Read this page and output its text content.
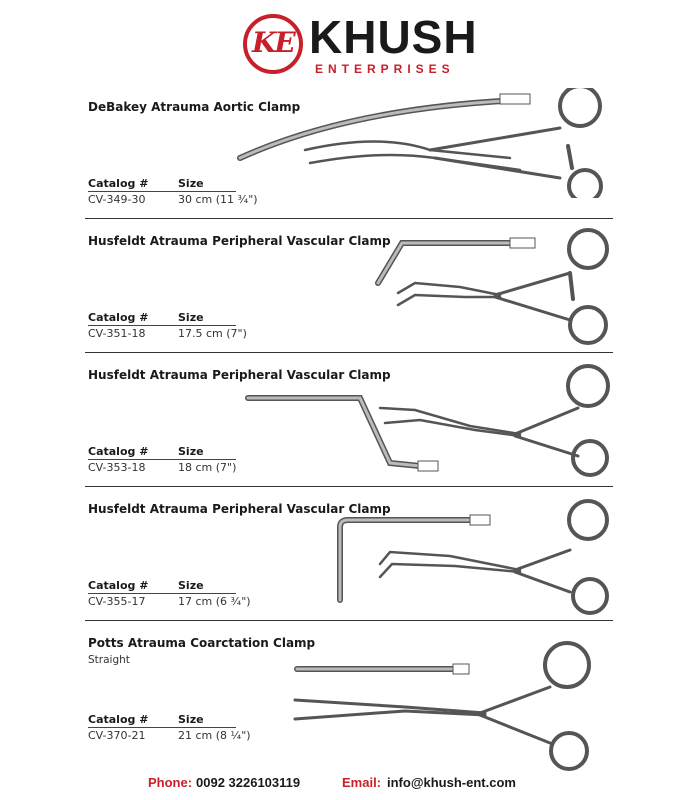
KE KHUSH
ENTERPRISES
DeBakey Atrauma Aortic Clamp
Catalog #	Size
CV-349-30	30 cm (11 ¾")
Husfeldt Atrauma Peripheral Vascular Clamp
Catalog #	Size
CV-351-18	17.5 cm (7")
Husfeldt Atrauma Peripheral Vascular Clamp
Catalog #	Size
CV-353-18	18 cm (7")
Husfeldt Atrauma Peripheral Vascular Clamp
Catalog #	Size
CV-355-17	17 cm (6 ¾")
Potts Atrauma Coarctation Clamp
Straight
Catalog #	Size
CV-370-21	21 cm (8 ¼")
Phone: 0092 3226103119	Email: info@khush-ent.com
